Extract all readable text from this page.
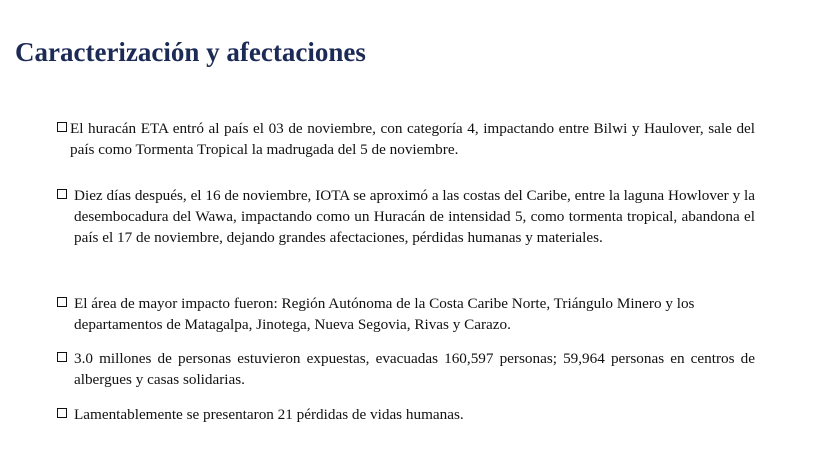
Caracterización y afectaciones
El huracán ETA entró al país el 03 de noviembre, con categoría 4, impactando entre Bilwi y Haulover, sale del país como Tormenta Tropical la madrugada del 5 de noviembre.
Diez días después, el 16 de noviembre, IOTA se aproximó a las costas del Caribe, entre la laguna Howlover y la desembocadura del Wawa, impactando como un Huracán de intensidad 5, como tormenta tropical, abandona el país el 17 de noviembre, dejando grandes afectaciones, pérdidas humanas y materiales.
El área de mayor impacto fueron: Región Autónoma de la Costa Caribe Norte, Triángulo Minero y los departamentos de Matagalpa, Jinotega, Nueva Segovia, Rivas y Carazo.
3.0 millones de personas estuvieron expuestas, evacuadas 160,597 personas; 59,964 personas en centros de albergues y casas solidarias.
Lamentablemente se presentaron 21 pérdidas de vidas humanas.
